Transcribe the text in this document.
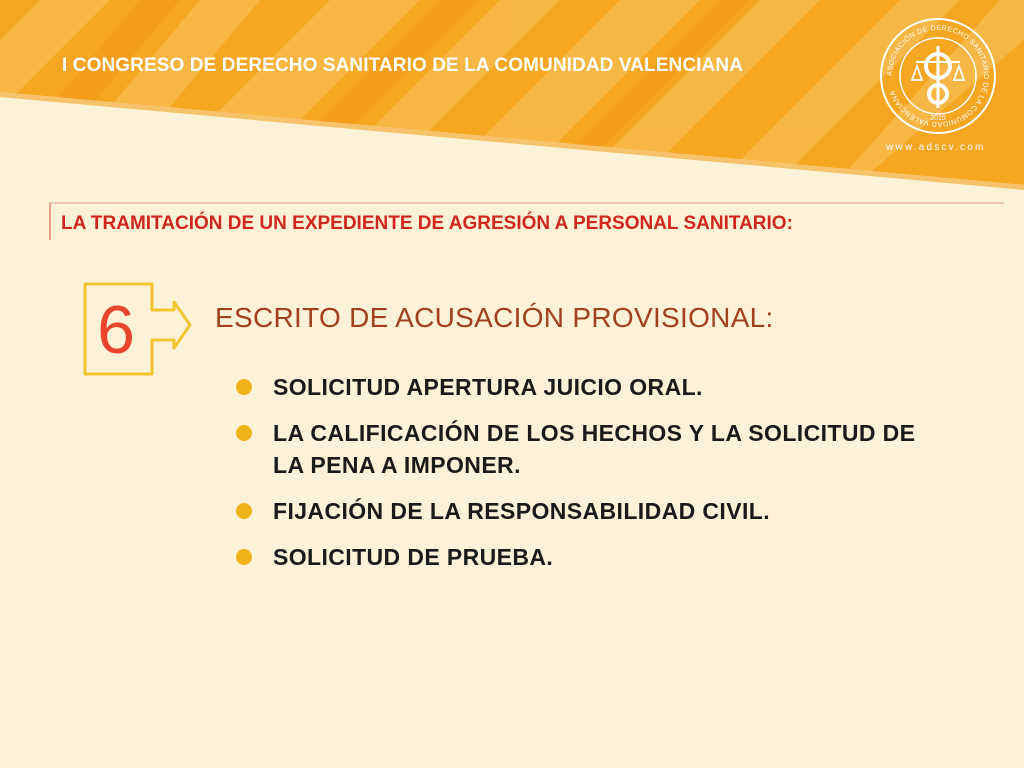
I CONGRESO DE DERECHO SANITARIO DE LA COMUNIDAD VALENCIANA	ASOCIACIÓN DE DERECHO SANITARIO DE LA COMUNIDAD VALENCIANA
2015
www.adscv.com
LA TRAMITACIÓN DE UN EXPEDIENTE DE AGRESIÓN A PERSONAL SANITARIO:
6	ESCRITO DE ACUSACIÓN PROVISIONAL:
SOLICITUD APERTURA JUICIO ORAL.
LA CALIFICACIÓN DE LOS HECHOS Y LA SOLICITUD DE LA PENA A IMPONER.
FIJACIÓN DE LA RESPONSABILIDAD CIVIL.
SOLICITUD DE PRUEBA.
